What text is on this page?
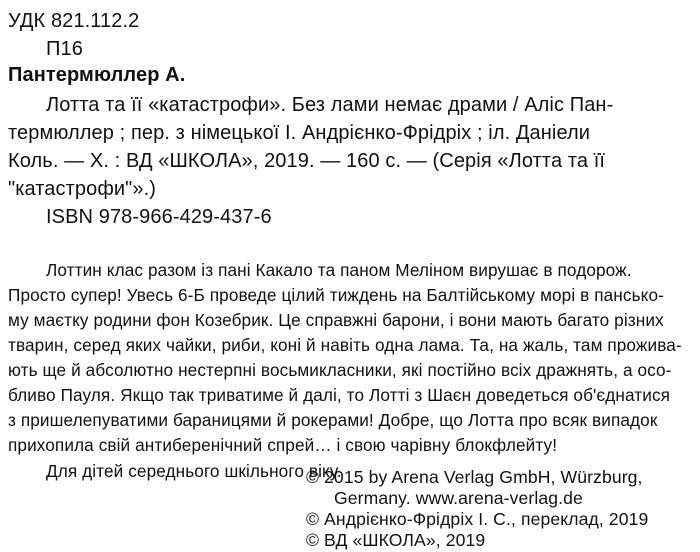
УДК 821.112.2

П16

Пантермюллер А.

Лотта та її «катастрофи». Без лами немає драми / Аліс Пан-

термюллер ; пер. з німецької І. Андрієнко-Фрідріх ; іл. Даніели

Коль. — Х. : ВД «ШКОЛА», 2019. — 160 с. — (Серія «Лотта та її

"катастрофи"».)

ISBN 978-966-429-437-6

Лоттин клас разом із пані Какало та паном Меліном вирушає в подорож.

Просто супер! Увесь 6-Б проведе цілий тиждень на Балтійському морі в пансько-

му маєтку родини фон Козебрик. Це справжні барони, і вони мають багато різних

тварин, серед яких чайки, риби, коні й навіть одна лама. Та, на жаль, там прожива-

ють ще й абсолютно нестерпні восьмикласники, які постійно всіх дражнять, а осо-

бливо Пауля. Якщо так триватиме й далі, то Лотті з Шаєн доведеться об'єднатися

з пришелепуватими бараницями й рокерами! Добре, що Лотта про всяк випадок

прихопила свій антиберенічний спрей… і свою чарівну блокфлейту!

Для дітей середнього шкільного віку.

© 2015 by Arena Verlag GmbH, Würzburg,

Germany. www.arena-verlag.de

© Андрієнко-Фрідріх І. С., переклад, 2019

© ВД «ШКОЛА», 2019
